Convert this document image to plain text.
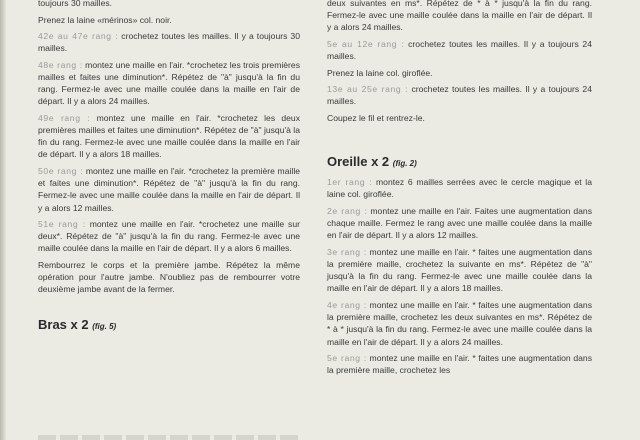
toujours 30 mailles.

Prenez la laine «mérinos» col. noir.

42e au 47e rang : crochetez toutes les mailles. Il y a toujours 30 mailles.

48e rang : montez une maille en l'air. *crochetez les trois premières mailles et faites une diminution*. Répétez de "à" jusqu'à la fin du rang. Fermez-le avec une maille coulée dans la maille en l'air de départ. Il y a alors 24 mailles.

49e rang : montez une maille en l'air. *crochetez les deux premières mailles et faites une diminution*. Répétez de "à" jusqu'à la fin du rang. Fermez-le avec une maille coulée dans la maille en l'air de départ. Il y a alors 18 mailles.

50e rang : montez une maille en l'air. *crochetez la première maille et faites une diminution*. Répétez de "à" jusqu'à la fin du rang. Fermez-le avec une maille coulée dans la maille en l'air de départ. Il y a alors 12 mailles.

51e rang : montez une maille en l'air. *crochetez une maille sur deux*. Répétez de "à" jusqu'à la fin du rang. Fermez-le avec une maille coulée dans la maille en l'air de départ. Il y a alors 6 mailles.

Rembourrez le corps et la première jambe. Répétez la même opération pour l'autre jambe. N'oubliez pas de rembourrer votre deuxième jambe avant de la fermer.

Bras x 2 (fig. 5)

deux suivantes en ms*. Répétez de * à * jusqu'à la fin du rang. Fermez-le avec une maille coulée dans la maille en l'air de départ. Il y a alors 24 mailles.

5e au 12e rang : crochetez toutes les mailles. Il y a toujours 24 mailles.

Prenez la laine col. giroflée.

13e au 25e rang : crochetez toutes les mailles. Il y a toujours 24 mailles.

Coupez le fil et rentrez-le.

Oreille x 2 (fig. 2)

1er rang : montez 6 mailles serrées avec le cercle magique et la laine col. giroflée.

2e rang : montez une maille en l'air. Faites une augmentation dans chaque maille. Fermez le rang avec une maille coulée dans la maille en l'air de départ. Il y a alors 12 mailles.

3e rang : montez une maille en l'air. * faites une augmentation dans la première maille, crochetez la suivante en ms*. Répétez de "à" jusqu'à la fin du rang. Fermez-le avec une maille coulée dans la maille en l'air de départ. Il y a alors 18 mailles.

4e rang : montez une maille en l'air. * faites une augmentation dans la première maille, crochetez les deux suivantes en ms*. Répétez de * à * jusqu'à la fin du rang. Fermez-le avec une maille coulée dans la maille en l'air de départ. Il y a alors 24 mailles.

5e rang : montez une maille en l'air. * faites une augmentation dans la première maille, crochetez les
